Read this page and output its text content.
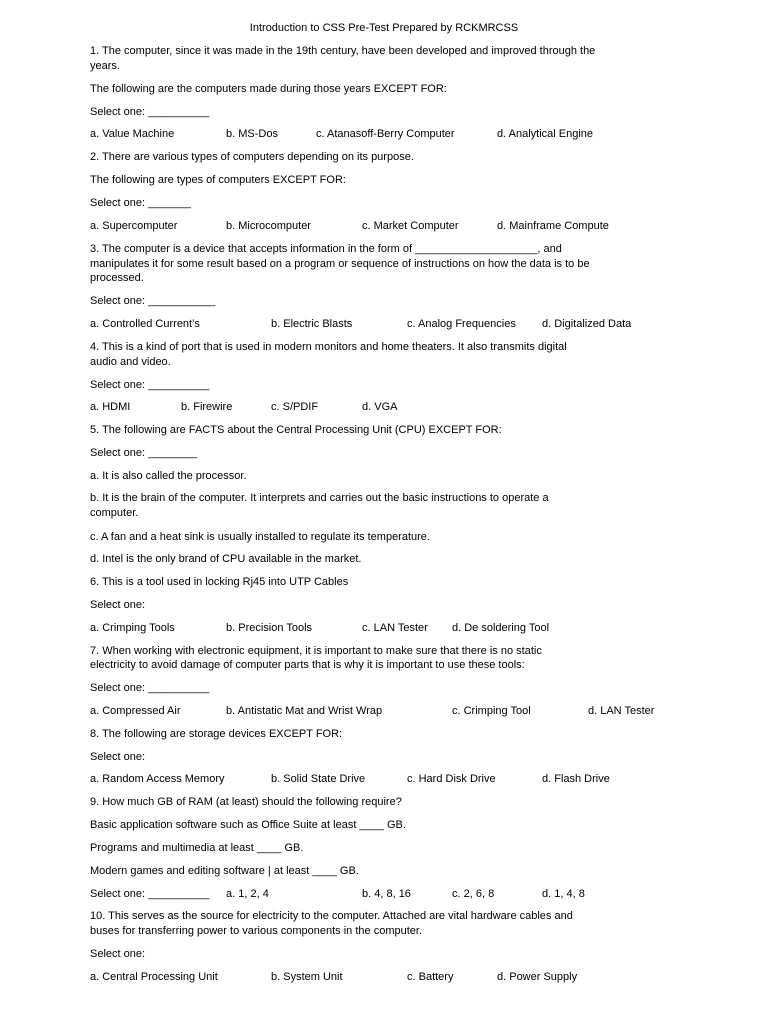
Introduction to CSS Pre-Test Prepared by RCKMRCSS
1. The computer, since it was made in the 19th century, have been developed and improved through the
years.
The following are the computers made during those years EXCEPT FOR:
Select one: __________
a. Value Machine	b. MS-Dos	c. Atanasoff-Berry Computer	d. Analytical Engine
2. There are various types of computers depending on its purpose.
The following are types of computers EXCEPT FOR:
Select one: _______
a. Supercomputer	b. Microcomputer	c. Market Computer	d. Mainframe Compute
3. The computer is a device that accepts information in the form of ____________________, and
manipulates it for some result based on a program or sequence of instructions on how the data is to be
processed.
Select one: ___________
a. Controlled Current’s	b. Electric Blasts	c. Analog Frequencies d. Digitalized Data
4. This is a kind of port that is used in modern monitors and home theaters. It also transmits digital
audio and video.
Select one: __________
a. HDMI	b. Firewire	c. S/PDIF	d. VGA
5. The following are FACTS about the Central Processing Unit (CPU) EXCEPT FOR:
Select one: ________
a. It is also called the processor.
b. It is the brain of the computer. It interprets and carries out the basic instructions to operate a
computer.
c. A fan and a heat sink is usually installed to regulate its temperature.
d. Intel is the only brand of CPU available in the market.
6. This is a tool used in locking Rj45 into UTP Cables
Select one:
a. Crimping Tools	b. Precision Tools	c. LAN Tester d. De soldering Tool
7. When working with electronic equipment, it is important to make sure that there is no static
electricity to avoid damage of computer parts that is why it is important to use these tools:
Select one: __________
a. Compressed Air	b. Antistatic Mat and Wrist Wrap	c. Crimping Tool	d. LAN Tester
8. The following are storage devices EXCEPT FOR:
Select one:
a. Random Access Memory	b. Solid State Drive	c. Hard Disk Drive	d. Flash Drive
9. How much GB of RAM (at least) should the following require?
Basic application software such as Office Suite at least ____ GB.
Programs and multimedia at least ____ GB.
Modern games and editing software | at least ____ GB.
Select one: __________ a. 1, 2, 4	b. 4, 8, 16	c. 2, 6, 8	d. 1, 4, 8
10. This serves as the source for electricity to the computer. Attached are vital hardware cables and
buses for transferring power to various components in the computer.
Select one:
a. Central Processing Unit	b. System Unit	c. Battery	d. Power Supply
